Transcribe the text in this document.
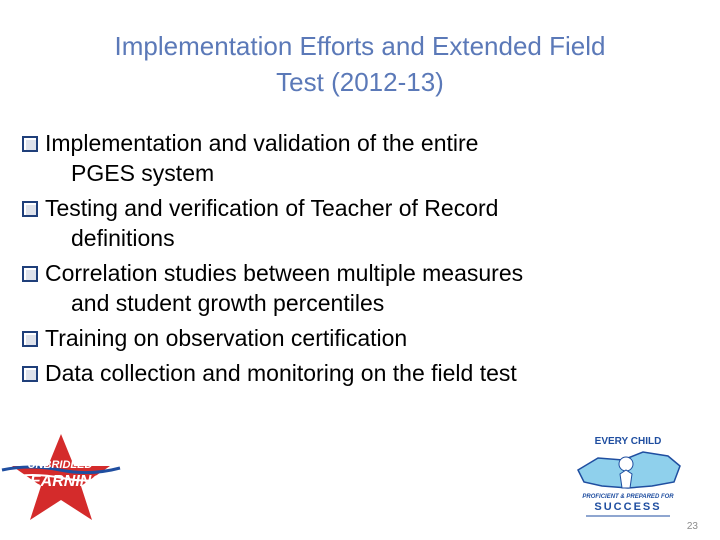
Implementation Efforts and Extended Field
Test (2012-13)
Implementation and validation of the entire
PGES system
Testing and verification of Teacher of Record
definitions
Correlation studies between multiple measures
and student growth percentiles
Training on observation certification
Data collection and monitoring on the field test
UNBRIDLED
LEARNING
EVERY CHILD
PROFICIENT & PREPARED FOR
SUCCESS
23
